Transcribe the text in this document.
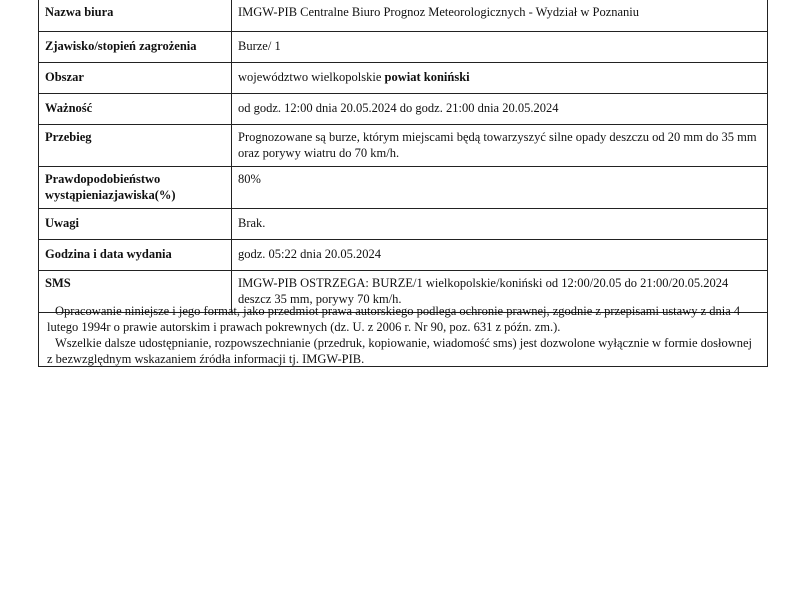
Nazwa biura	IMGW-PIB Centralne Biuro Prognoz Meteorologicznych - Wydział w Poznaniu
Zjawisko/stopień zagrożenia	Burze/ 1
Obszar	województwo wielkopolskie powiat koniński
Ważność	od godz. 12:00 dnia 20.05.2024 do godz. 21:00 dnia 20.05.2024
Przebieg	Prognozowane są burze, którym miejscami będą towarzyszyć silne opady deszczu od 20 mm do 35 mm oraz porywy wiatru do 70 km/h.
Prawdopodobieństwo wystąpieniazjawiska(%)	80%
Uwagi	Brak.
Godzina i data wydania	godz. 05:22 dnia 20.05.2024
SMS	IMGW-PIB OSTRZEGA: BURZE/1 wielkopolskie/koniński od 12:00/20.05 do 21:00/20.05.2024 deszcz 35 mm, porywy 70 km/h.

Opracowanie niniejsze i jego format, jako przedmiot prawa autorskiego podlega ochronie prawnej, zgodnie z przepisami ustawy z dnia 4 lutego 1994r o prawie autorskim i prawach pokrewnych (dz. U. z 2006 r. Nr 90, poz. 631 z późn. zm.).

Wszelkie dalsze udostępnianie, rozpowszechnianie (przedruk, kopiowanie, wiadomość sms) jest dozwolone wyłącznie w formie dosłownej z bezwzględnym wskazaniem źródła informacji tj. IMGW-PIB.
